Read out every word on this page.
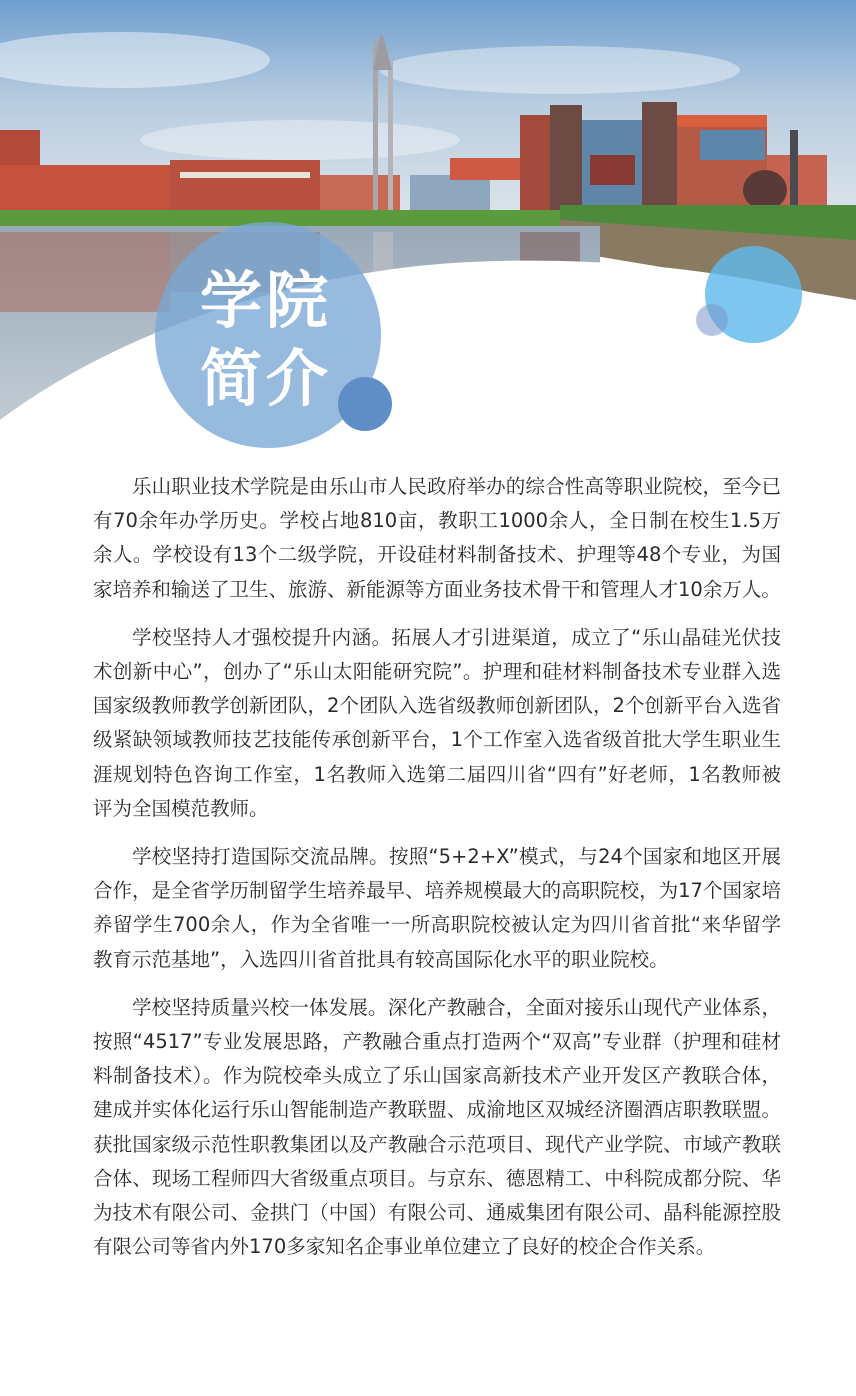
学院
简介

乐山职业技术学院是由乐山市人民政府举办的综合性高等职业院校，至今已有70余年办学历史。学校占地810亩，教职工1000余人，全日制在校生1.5万余人。学校设有13个二级学院，开设硅材料制备技术、护理等48个专业，为国家培养和输送了卫生、旅游、新能源等方面业务技术骨干和管理人才10余万人。

学校坚持人才强校提升内涵。拓展人才引进渠道，成立了“乐山晶硅光伏技术创新中心”，创办了“乐山太阳能研究院”。护理和硅材料制备技术专业群入选国家级教师教学创新团队，2个团队入选省级教师创新团队，2个创新平台入选省级紧缺领域教师技艺技能传承创新平台，1个工作室入选省级首批大学生职业生涯规划特色咨询工作室，1名教师入选第二届四川省“四有”好老师，1名教师被评为全国模范教师。

学校坚持打造国际交流品牌。按照“5+2+X”模式，与24个国家和地区开展合作，是全省学历制留学生培养最早、培养规模最大的高职院校，为17个国家培养留学生700余人，作为全省唯一一所高职院校被认定为四川省首批“来华留学教育示范基地”，入选四川省首批具有较高国际化水平的职业院校。

学校坚持质量兴校一体发展。深化产教融合，全面对接乐山现代产业体系，按照“4517”专业发展思路，产教融合重点打造两个“双高”专业群（护理和硅材料制备技术）。作为院校牵头成立了乐山国家高新技术产业开发区产教联合体，建成并实体化运行乐山智能制造产教联盟、成渝地区双城经济圈酒店职教联盟。获批国家级示范性职教集团以及产教融合示范项目、现代产业学院、市域产教联合体、现场工程师四大省级重点项目。与京东、德恩精工、中科院成都分院、华为技术有限公司、金拱门（中国）有限公司、通威集团有限公司、晶科能源控股有限公司等省内外170多家知名企事业单位建立了良好的校企合作关系。
